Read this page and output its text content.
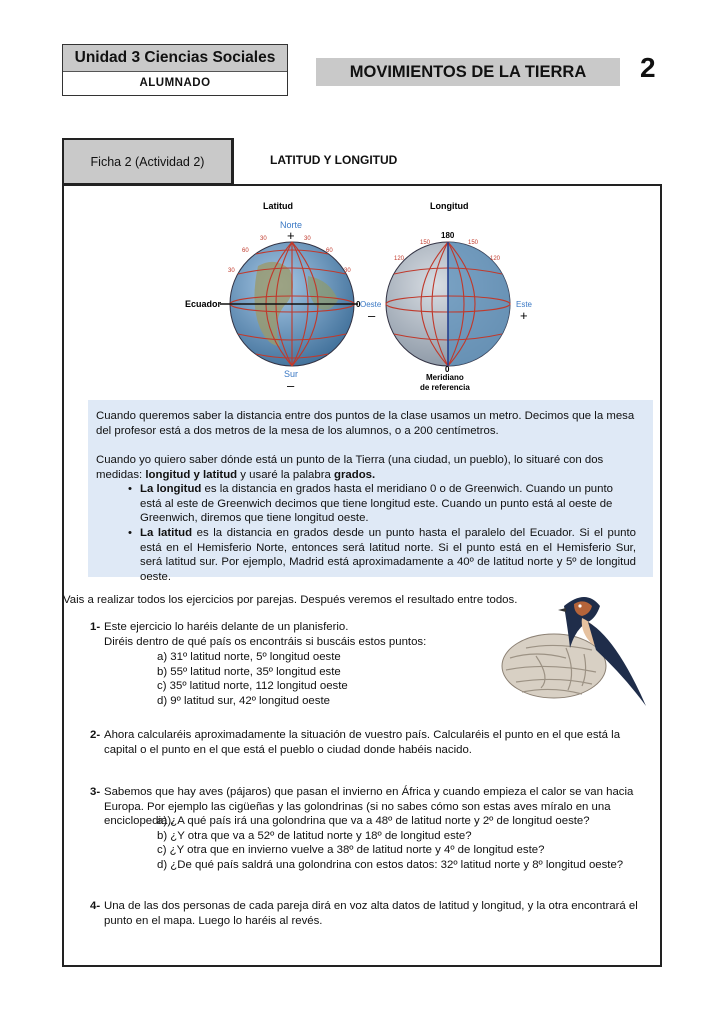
Unidad 3 Ciencias Sociales
ALUMNADO
MOVIMIENTOS DE LA TIERRA	2
Ficha 2 (Actividad 2)	LATITUD Y LONGITUD
Latitud
Norte
+
Ecuador	0
Sur
–
30	30
60	60
30	30
Longitud
180
150	150
120	120
Oeste
–
Este
+
0
Meridiano
de referencia
Cuando queremos saber la distancia entre dos puntos de la clase usamos un metro. Decimos que la mesa del profesor está a dos metros de la mesa de los alumnos, o a 200 centímetros.
Cuando yo quiero saber dónde está un punto de la Tierra (una ciudad, un pueblo), lo situaré con dos medidas: longitud y latitud y usaré la palabra grados.
• La longitud es la distancia en grados hasta el meridiano 0 o de Greenwich. Cuando un punto está al este de Greenwich decimos que tiene longitud este. Cuando un punto está al oeste de Greenwich, diremos que tiene longitud oeste.
• La latitud es la distancia en grados desde un punto hasta el paralelo del Ecuador. Si el punto está en el Hemisferio Norte, entonces será latitud norte. Si el punto está en el Hemisferio Sur, será latitud sur. Por ejemplo, Madrid está aproximadamente a 40º de latitud norte y 5º de longitud oeste.
Vais a realizar todos los ejercicios por parejas. Después veremos el resultado entre todos.
1- Este ejercicio lo haréis delante de un planisferio.
Diréis dentro de qué país os encontráis si buscáis estos puntos:
a) 31º latitud norte, 5º longitud oeste
b) 55º latitud norte, 35º longitud este
c) 35º latitud norte, 112 longitud oeste
d) 9º latitud sur, 42º longitud oeste
2- Ahora calcularéis aproximadamente la situación de vuestro país. Calcularéis el punto en el que está la capital o el punto en el que está el pueblo o ciudad donde habéis nacido.
3- Sabemos que hay aves (pájaros) que pasan el invierno en África y cuando empieza el calor se van hacia Europa. Por ejemplo las cigüeñas y las golondrinas (si no sabes cómo son estas aves míralo en una enciclopedia).
a) ¿A qué país irá una golondrina que va a 48º de latitud norte y 2º de longitud oeste?
b) ¿Y otra que va a 52º de latitud norte y 18º de longitud este?
c) ¿Y otra que en invierno vuelve a 38º de latitud norte y 4º de longitud este?
d) ¿De qué país saldrá una golondrina con estos datos: 32º latitud norte y 8º longitud oeste?
4- Una de las dos personas de cada pareja dirá en voz alta datos de latitud y longitud, y la otra encontrará el punto en el mapa. Luego lo haréis al revés.
